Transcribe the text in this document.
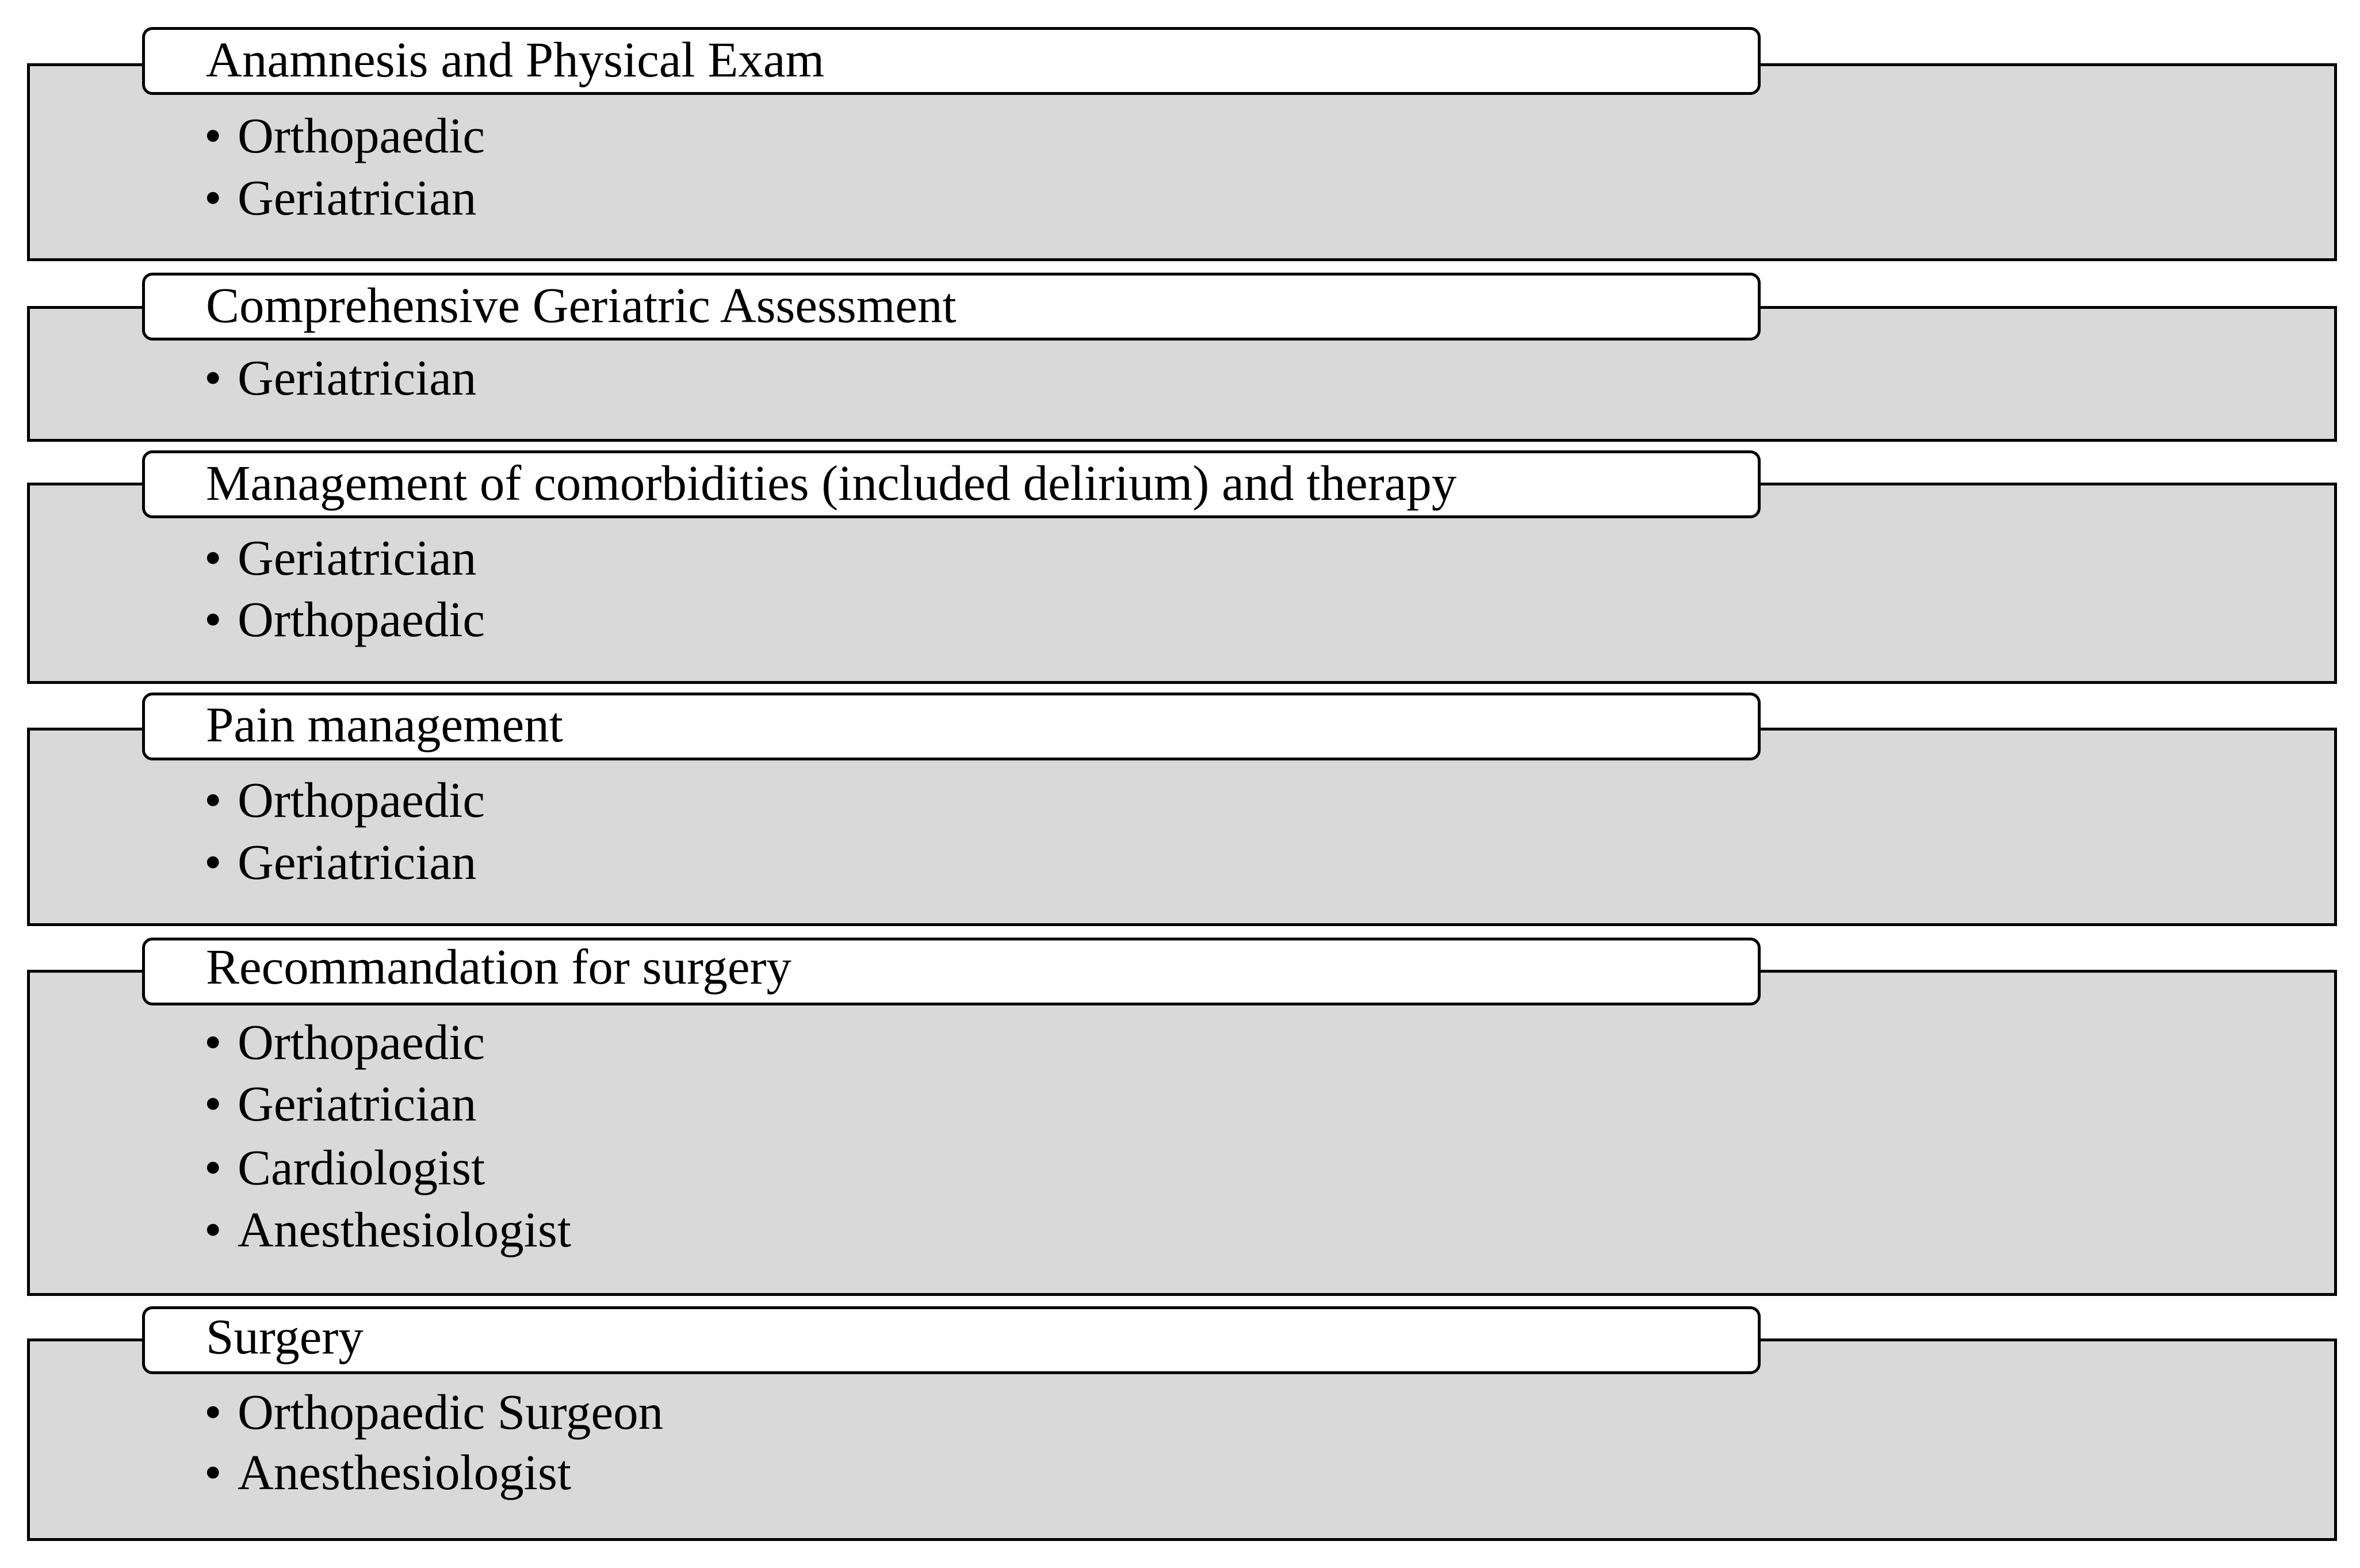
Anamnesis and Physical Exam
• Orthopaedic
• Geriatrician
Comprehensive Geriatric Assessment
• Geriatrician
Management of comorbidities (included delirium) and therapy
• Geriatrician
• Orthopaedic
Pain management
• Orthopaedic
• Geriatrician
Recommandation for surgery
• Orthopaedic
• Geriatrician
• Cardiologist
• Anesthesiologist
Surgery
• Orthopaedic Surgeon
• Anesthesiologist
